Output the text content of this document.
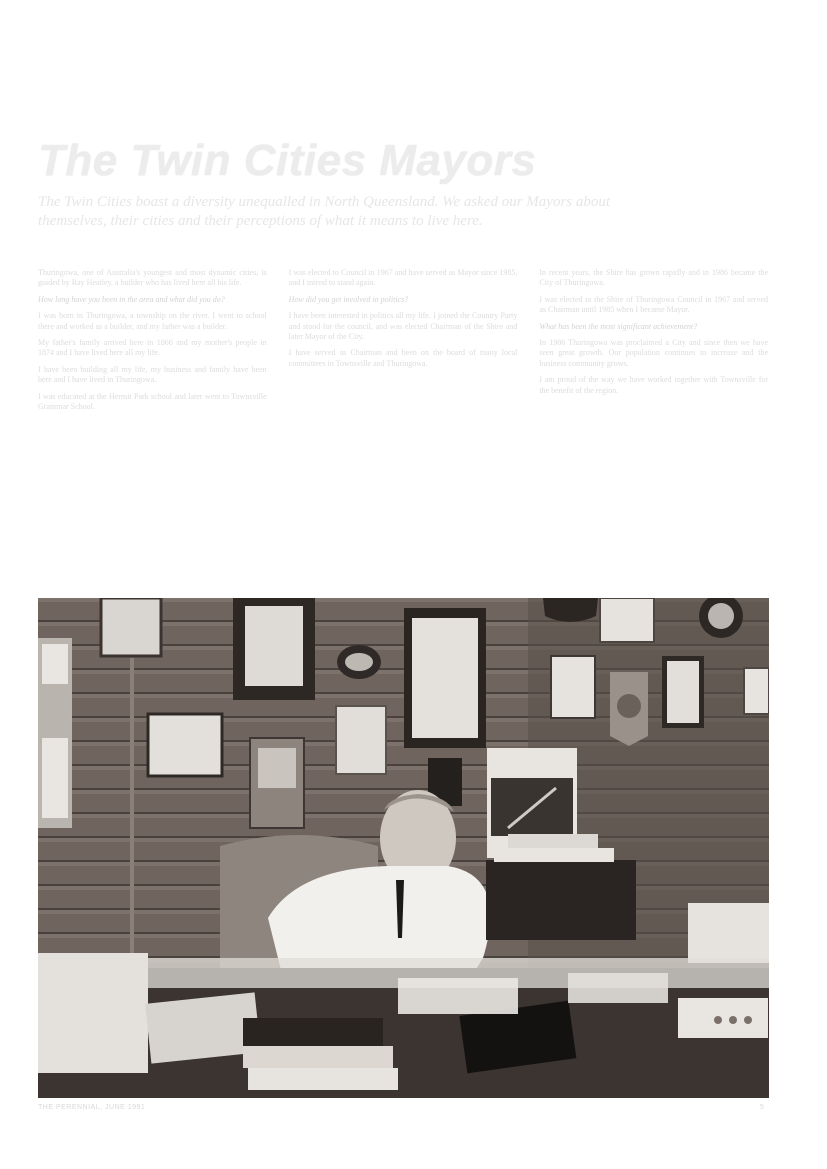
The Twin Cities Mayors
The Twin Cities boast a diversity unequalled in North Queensland. We asked our Mayors about themselves, their cities and their perceptions of what it means to live here.

Thuringowa, one of Australia's youngest and most dynamic cities, is guided by Ray Heatley, a builder who has lived here all his life.

How long have you been in the area and what did you do?

I was born in Thuringowa, a township on the river. I went to school there and worked as a builder, and my father was a builder.

My father's family arrived here in 1866 and my mother's people in 1874 and I have lived here all my life.

I have been building all my life, my business and family have been here and I have lived in Thuringowa.

I was educated at the Hermit Park school and later went to Townsville Grammar School.

I was elected to Council in 1967 and have served as Mayor since 1985, and I intend to stand again.

How did you get involved in politics?

I have been interested in politics all my life. I joined the Country Party and stood for the council, and was elected Chairman of the Shire and later Mayor of the City.

I have served as Chairman and been on the board of many local committees in Townsville and Thuringowa.

In recent years, the Shire has grown rapidly and in 1986 became the City of Thuringowa.

I was elected to the Shire of Thuringowa Council in 1967 and served as Chairman until 1985 when I became Mayor.

What has been the most significant achievement?

In 1986 Thuringowa was proclaimed a City and since then we have seen great growth. Our population continues to increase and the business community grows.

I am proud of the way we have worked together with Townsville for the benefit of the region.

THE PERENNIAL, JUNE 1991	5
